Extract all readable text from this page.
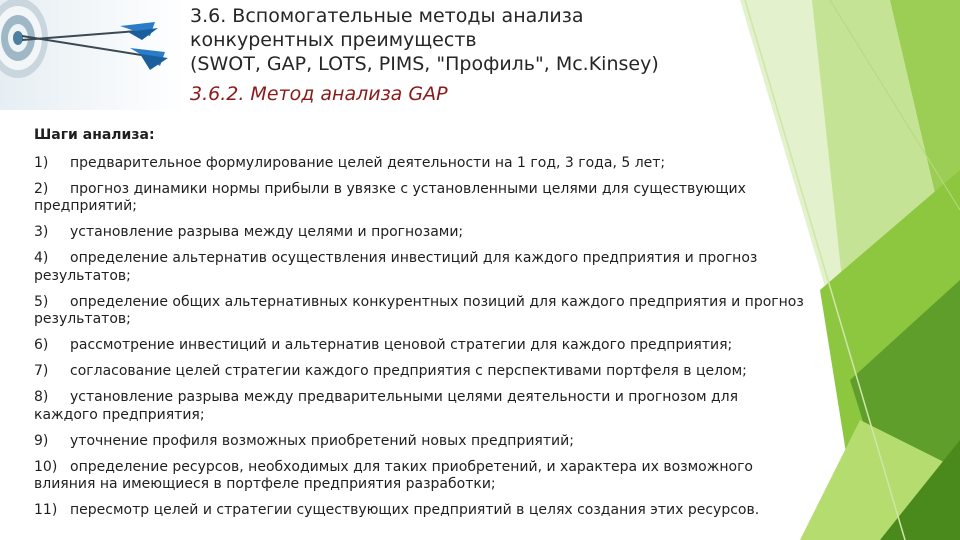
3.6. Вспомогательные методы анализа
конкурентных преимуществ
(SWOT, GAP, LOTS, PIMS, "Профиль", Mc.Kinsey)
3.6.2. Метод анализа GAP
Шаги анализа:
1) предварительное формулирование целей деятельности на 1 год, 3 года, 5 лет;
2) прогноз динамики нормы прибыли в увязке с установленными целями для существующих предприятий;
3) установление разрыва между целями и прогнозами;
4) определение альтернатив осуществления инвестиций для каждого предприятия и прогноз результатов;
5) определение общих альтернативных конкурентных позиций для каждого предприятия и прогноз результатов;
6) рассмотрение инвестиций и альтернатив ценовой стратегии для каждого предприятия;
7) согласование целей стратегии каждого предприятия с перспективами портфеля в целом;
8) установление разрыва между предварительными целями деятельности и прогнозом для каждого предприятия;
9) уточнение профиля возможных приобретений новых предприятий;
10) определение ресурсов, необходимых для таких приобретений, и характера их возможного влияния на имеющиеся в портфеле предприятия разработки;
11) пересмотр целей и стратегии существующих предприятий в целях создания этих ресурсов.
